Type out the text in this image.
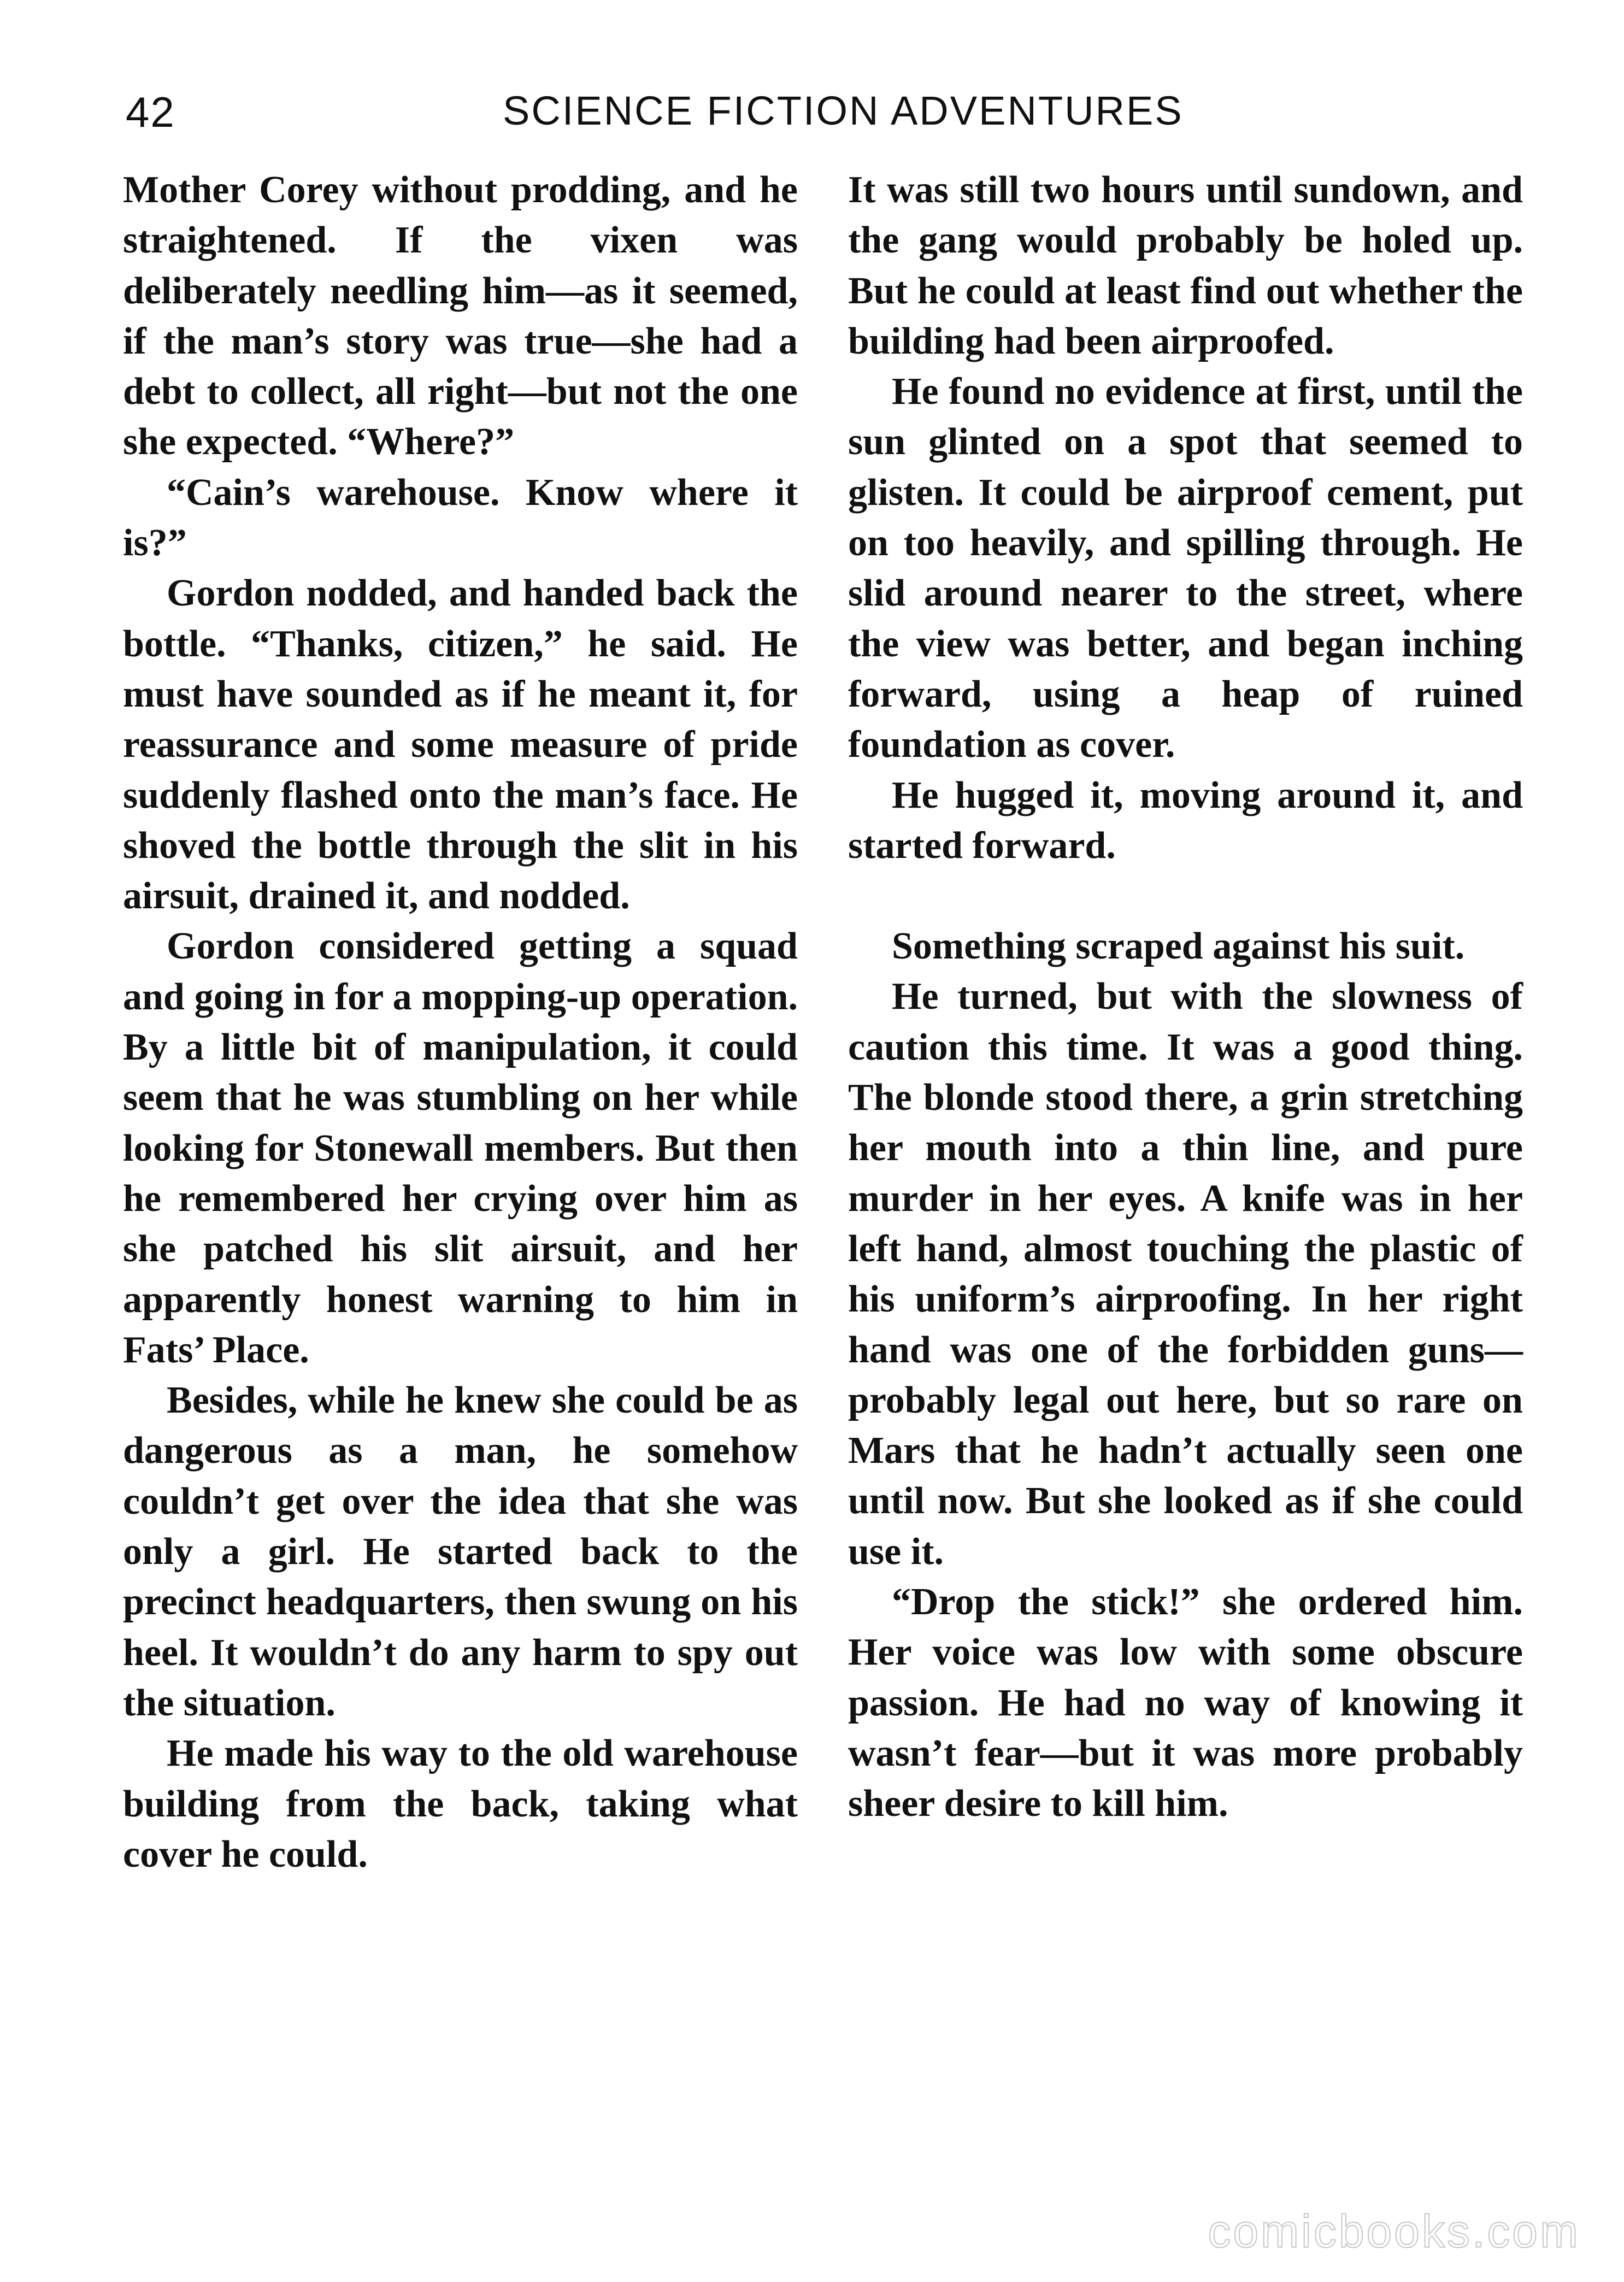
42	SCIENCE FICTION ADVENTURES

Mother Corey without prodding, and he straightened. If the vixen was deliberately needling him—as it seemed, if the man’s story was true—she had a debt to collect, all right—but not the one she expected. “Where?”

“Cain’s warehouse. Know where it is?”

Gordon nodded, and handed back the bottle. “Thanks, citizen,” he said. He must have sounded as if he meant it, for reassurance and some measure of pride suddenly flashed onto the man’s face. He shoved the bottle through the slit in his airsuit, drained it, and nodded.

Gordon considered getting a squad and going in for a mopping-up operation. By a little bit of manipulation, it could seem that he was stumbling on her while looking for Stonewall members. But then he remembered her crying over him as she patched his slit airsuit, and her apparently honest warning to him in Fats’ Place.

Besides, while he knew she could be as dangerous as a man, he somehow couldn’t get over the idea that she was only a girl. He started back to the precinct headquarters, then swung on his heel. It wouldn’t do any harm to spy out the situation.

He made his way to the old warehouse building from the back, taking what cover he could.

It was still two hours until sundown, and the gang would probably be holed up. But he could at least find out whether the building had been airproofed.

He found no evidence at first, until the sun glinted on a spot that seemed to glisten. It could be airproof cement, put on too heavily, and spilling through. He slid around nearer to the street, where the view was better, and began inching forward, using a heap of ruined foundation as cover.

He hugged it, moving around it, and started forward.

Something scraped against his suit.

He turned, but with the slowness of caution this time. It was a good thing. The blonde stood there, a grin stretching her mouth into a thin line, and pure murder in her eyes. A knife was in her left hand, almost touching the plastic of his uniform’s airproofing. In her right hand was one of the forbidden guns—probably legal out here, but so rare on Mars that he hadn’t actually seen one until now. But she looked as if she could use it.

“Drop the stick!” she ordered him. Her voice was low with some obscure passion. He had no way of knowing it wasn’t fear—but it was more probably sheer desire to kill him.

comicbooks.com
